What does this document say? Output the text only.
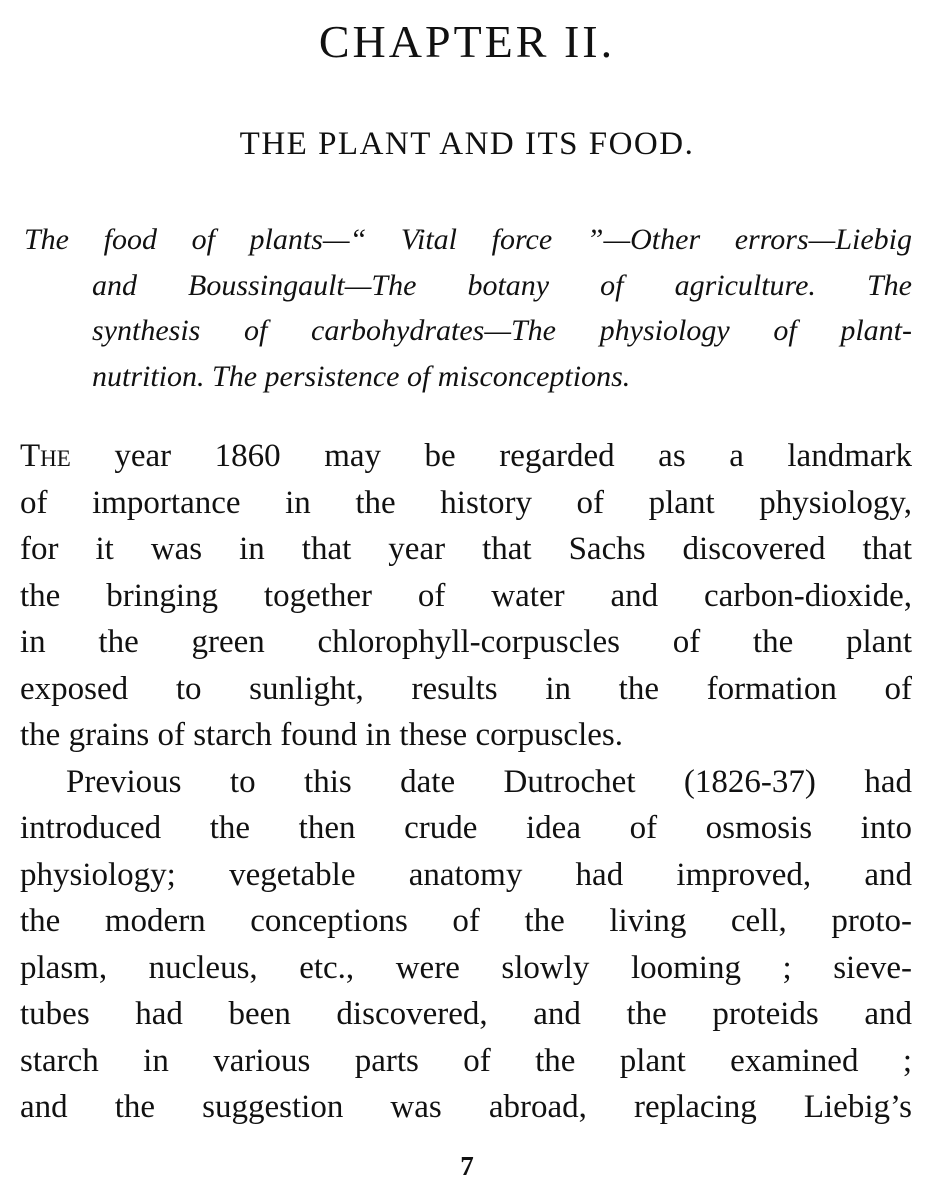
CHAPTER II.
THE PLANT AND ITS FOOD.
The food of plants—“ Vital force ”—Other errors—Liebig
and Boussingault—The botany of agriculture. The
synthesis of carbohydrates—The physiology of plant-
nutrition. The persistence of misconceptions.
The year 1860 may be regarded as a landmark
of importance in the history of plant physiology,
for it was in that year that Sachs discovered that
the bringing together of water and carbon-dioxide,
in the green chlorophyll-corpuscles of the plant
exposed to sunlight, results in the formation of
the grains of starch found in these corpuscles.
Previous to this date Dutrochet (1826-37) had
introduced the then crude idea of osmosis into
physiology; vegetable anatomy had improved, and
the modern conceptions of the living cell, proto-
plasm, nucleus, etc., were slowly looming ; sieve-
tubes had been discovered, and the proteids and
starch in various parts of the plant examined ;
and the suggestion was abroad, replacing Liebig’s
7
